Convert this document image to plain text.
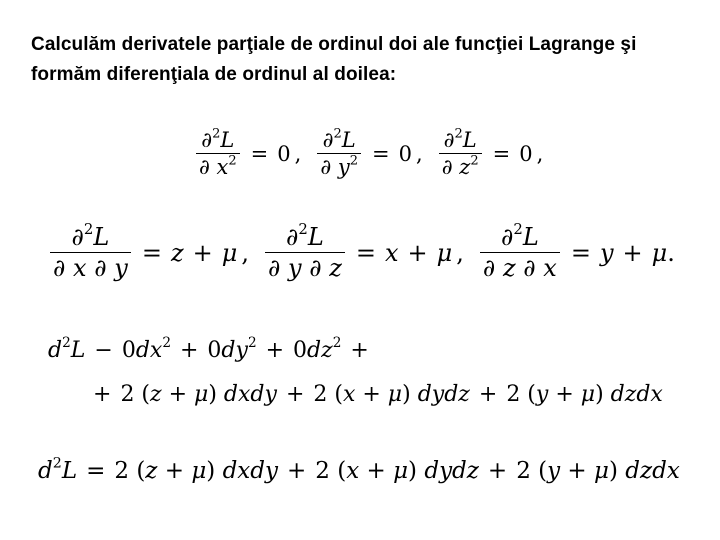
Calculăm derivatele parţiale de ordinul doi ale funcţiei Lagrange şi formăm diferenţiala de ordinul al doilea:
$\frac{\partial^2L}{\partial x^2} = 0$ , $\frac{\partial^2L}{\partial y^2} = 0$ , $\frac{\partial^2L}{\partial z^2} = 0$ ,
$\frac{\partial^2L}{\partial x \partial y} = z + \mu$ , $\frac{\partial^2L}{\partial y \partial z} = x + \mu$ , $\frac{\partial^2L}{\partial z \partial x} = y + \mu$ .
$d^2L - 0dx^2 + 0dy^2 + 0dz^2$ +
+ 2 (z + μ) dxdy + 2 (x + μ) dydz + 2 (y + μ) dzdx
$d^2L = 2$ (z + μ) dxdy + 2 (x + μ) dydz + 2 (y + μ) dzdx
